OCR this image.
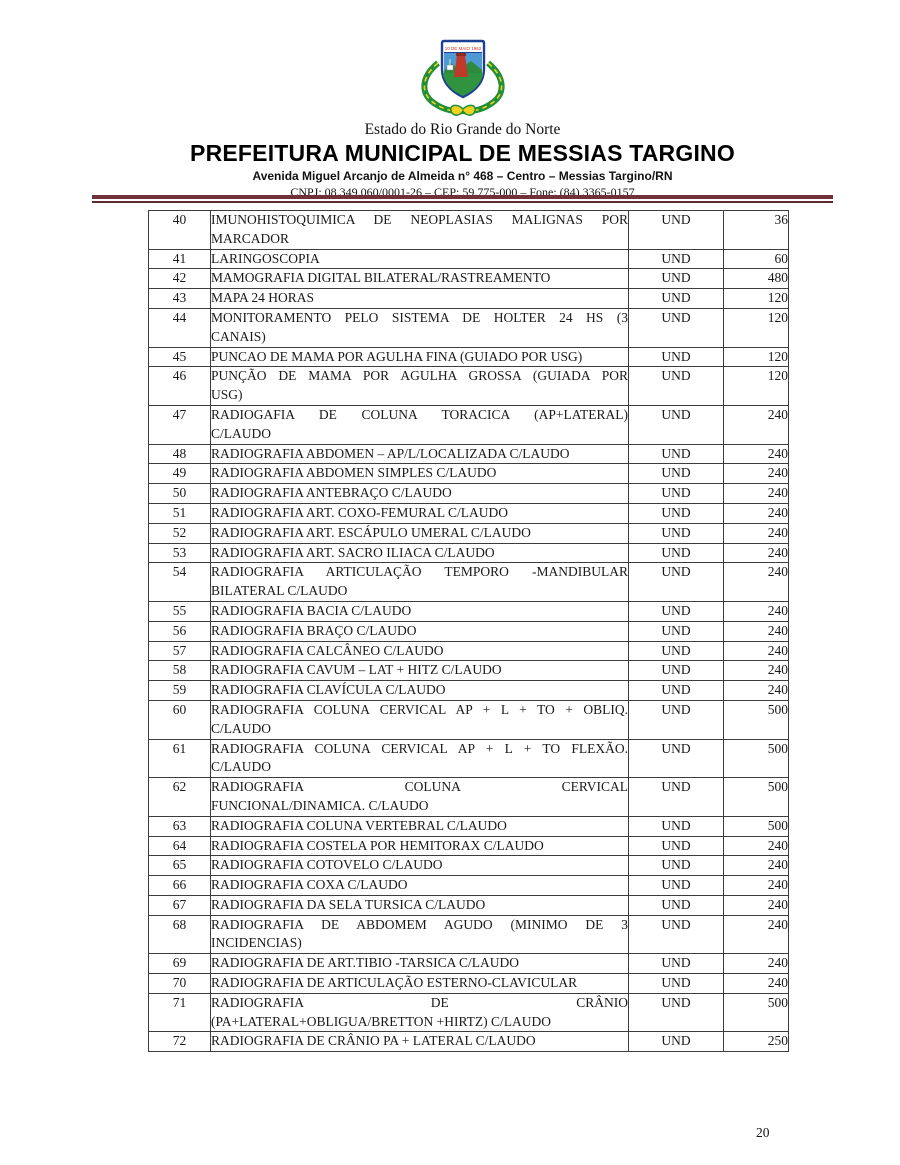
10 DE MAIO 1962
Estado do Rio Grande do Norte
PREFEITURA MUNICIPAL DE MESSIAS TARGINO
Avenida Miguel Arcanjo de Almeida n° 468 – Centro – Messias Targino/RN
CNPJ: 08.349.060/0001-26 – CEP: 59.775-000 – Fone: (84) 3365-0157
40	IMUNOHISTOQUIMICA DE NEOPLASIAS MALIGNAS POR
MARCADOR	UND	36
41	LARINGOSCOPIA	UND	60
42	MAMOGRAFIA DIGITAL BILATERAL/RASTREAMENTO	UND	480
43	MAPA 24 HORAS	UND	120
44	MONITORAMENTO PELO SISTEMA DE HOLTER 24 HS (3
CANAIS)	UND	120
45	PUNCAO DE MAMA POR AGULHA FINA (GUIADO POR USG)	UND	120
46	PUNÇÃO DE MAMA POR AGULHA GROSSA (GUIADA POR
USG)	UND	120
47	RADIOGAFIA DE COLUNA TORACICA (AP+LATERAL)
C/LAUDO	UND	240
48	RADIOGRAFIA ABDOMEN – AP/L/LOCALIZADA C/LAUDO	UND	240
49	RADIOGRAFIA ABDOMEN SIMPLES C/LAUDO	UND	240
50	RADIOGRAFIA ANTEBRAÇO C/LAUDO	UND	240
51	RADIOGRAFIA ART. COXO-FEMURAL C/LAUDO	UND	240
52	RADIOGRAFIA ART. ESCÁPULO UMERAL C/LAUDO	UND	240
53	RADIOGRAFIA ART. SACRO ILIACA C/LAUDO	UND	240
54	RADIOGRAFIA ARTICULAÇÃO TEMPORO -MANDIBULAR
BILATERAL C/LAUDO	UND	240
55	RADIOGRAFIA BACIA C/LAUDO	UND	240
56	RADIOGRAFIA BRAÇO C/LAUDO	UND	240
57	RADIOGRAFIA CALCÂNEO C/LAUDO	UND	240
58	RADIOGRAFIA CAVUM – LAT + HITZ C/LAUDO	UND	240
59	RADIOGRAFIA CLAVÍCULA C/LAUDO	UND	240
60	RADIOGRAFIA COLUNA CERVICAL AP + L + TO + OBLIQ.
C/LAUDO	UND	500
61	RADIOGRAFIA COLUNA CERVICAL AP + L + TO FLEXÃO.
C/LAUDO	UND	500
62	RADIOGRAFIA COLUNA CERVICAL
FUNCIONAL/DINAMICA. C/LAUDO	UND	500
63	RADIOGRAFIA COLUNA VERTEBRAL C/LAUDO	UND	500
64	RADIOGRAFIA COSTELA POR HEMITORAX C/LAUDO	UND	240
65	RADIOGRAFIA COTOVELO C/LAUDO	UND	240
66	RADIOGRAFIA COXA C/LAUDO	UND	240
67	RADIOGRAFIA DA SELA TURSICA C/LAUDO	UND	240
68	RADIOGRAFIA DE ABDOMEM AGUDO (MINIMO DE 3
INCIDENCIAS)	UND	240
69	RADIOGRAFIA DE ART.TIBIO -TARSICA C/LAUDO	UND	240
70	RADIOGRAFIA DE ARTICULAÇÃO ESTERNO-CLAVICULAR	UND	240
71	RADIOGRAFIA DE CRÂNIO
(PA+LATERAL+OBLIGUA/BRETTON +HIRTZ) C/LAUDO	UND	500
72	RADIOGRAFIA DE CRÂNIO PA + LATERAL C/LAUDO	UND	250
20
